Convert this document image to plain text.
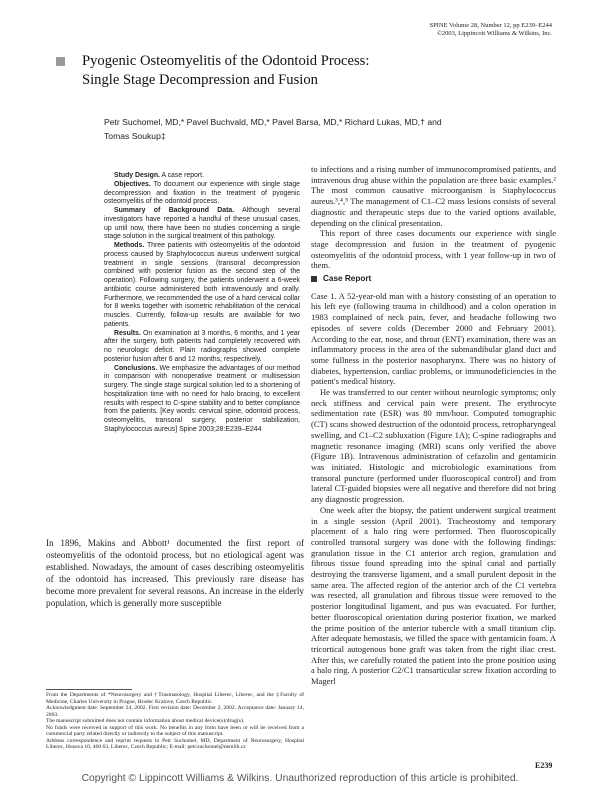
SPINE Volume 28, Number 12, pp E239–E244
©2003, Lippincott Williams & Wilkins, Inc.
Pyogenic Osteomyelitis of the Odontoid Process:
Single Stage Decompression and Fusion
Petr Suchomel, MD,* Pavel Buchvald, MD,* Pavel Barsa, MD,* Richard Lukas, MD,† and
Tomas Soukup‡

Study Design. A case report.

Objectives. To document our experience with single stage decompression and fixation in the treatment of pyogenic osteomyelitis of the odontoid process.

Summary of Background Data. Although several investigators have reported a handful of these unusual cases, up until now, there have been no studies concerning a single stage solution in the surgical treatment of this pathology.

Methods. Three patients with osteomyelitis of the odontoid process caused by Staphylococcus aureus underwent surgical treatment in single sessions (transoral decompression combined with posterior fusion as the second step of the operation). Following surgery, the patients underwent a 6-week antibiotic course administered both intravenously and orally. Furthermore, we recommended the use of a hard cervical collar for 8 weeks together with isometric rehabilitation of the cervical muscles. Currently, follow-up results are available for two patients.

Results. On examination at 3 months, 6 months, and 1 year after the surgery, both patients had completely recovered with no neurologic deficit. Plain radiographs showed complete posterior fusion after 6 and 12 months, respectively.

Conclusions. We emphasize the advantages of our method in comparison with nonoperative treatment or multisession surgery. The single stage surgical solution led to a shortening of hospitalization time with no need for halo bracing, to excellent results with respect to C-spine stability and to better compliance from the patients. [Key words: cervical spine, odontoid process, osteomyelitis, transoral surgery, posterior stabilization, Staphylococcus aureus] Spine 2003;28:E239–E244

In 1896, Makins and Abbott¹ documented the first report of osteomyelitis of the odontoid process, but no etiological agent was established. Nowadays, the amount of cases describing osteomyelitis of the odontoid has increased. This previously rare disease has become more prevalent for several reasons. An increase in the elderly population, which is generally more susceptible

From the Departments of *Neurosurgery and †Traumatology, Hospital Liberec, Liberec, and the ‡Faculty of Medicine, Charles University in Prague, Hradec Kralove, Czech Republic.

Acknowledgment date: September 24, 2002. First revision date: December 2, 2002. Acceptance date: January 14, 2003.

The manuscript submitted does not contain information about medical device(s)/drug(s).

No funds were received in support of this work. No benefits in any form have been or will be received from a commercial party related directly or indirectly to the subject of this manuscript.

Address correspondence and reprint requests to Petr Suchomel, MD, Department of Neurosurgery, Hospital Liberec, Husova 10, 460 63, Liberec, Czech Republic; E-mail: petr.suchomel@nemlib.cz

to infections and a rising number of immunocompromised patients, and intravenous drug abuse within the population are three basic examples.² The most common causative microorganism is Staphylococcus aureus.³,⁴,⁵ The management of C1–C2 mass lesions consists of several diagnostic and therapeutic steps due to the varied options available, depending on the clinical presentation.

This report of three cases documents our experience with single stage decompression and fusion in the treatment of pyogenic osteomyelitis of the odontoid process, with 1 year follow-up in two of them.

Case Report

Case 1. A 52-year-old man with a history consisting of an operation to his left eye (following trauma in childhood) and a colon operation in 1983 complained of neck pain, fever, and headache following two episodes of severe colds (December 2000 and February 2001). According to the ear, nose, and throat (ENT) examination, there was an inflammatory process in the area of the submandibular gland duct and some fullness in the posterior nasopharynx. There was no history of diabetes, hypertension, cardiac problems, or immunodeficiencies in the patient's medical history.

He was transferred to our center without neurologic symptoms; only neck stiffness and cervical pain were present. The erythrocyte sedimentation rate (ESR) was 80 mm/hour. Computed tomographic (CT) scans showed destruction of the odontoid process, retropharyngeal swelling, and C1–C2 subluxation (Figure 1A); C-spine radiographs and magnetic resonance imaging (MRI) scans only verified the above (Figure 1B). Intravenous administration of cefazolin and gentamicin was initiated. Histologic and microbiologic examinations from transoral puncture (performed under fluoroscopical control) and from lateral CT-guided biopsies were all negative and therefore did not bring any diagnostic progression.

One week after the biopsy, the patient underwent surgical treatment in a single session (April 2001). Tracheostomy and temporary placement of a halo ring were performed. Then fluoroscopically controlled transoral surgery was done with the following findings: granulation tissue in the C1 anterior arch region, granulation and fibrous tissue found spreading into the spinal canal and partially destroying the transverse ligament, and a small purulent deposit in the same area. The affected region of the anterior arch of the C1 vertebra was resected, all granulation and fibrous tissue were removed to the posterior longitudinal ligament, and pus was evacuated. For further, better fluoroscopical orientation during posterior fixation, we marked the prime position of the anterior tubercle with a small titanium clip. After adequate hemostasis, we filled the space with gentamicin foam. A tricortical autogenous bone graft was taken from the right iliac crest. After this, we carefully rotated the patient into the prone position using a halo ring. A posterior C2/C1 transarticular screw fixation according to Magerl

E239
Copyright © Lippincott Williams & Wilkins. Unauthorized reproduction of this article is prohibited.
